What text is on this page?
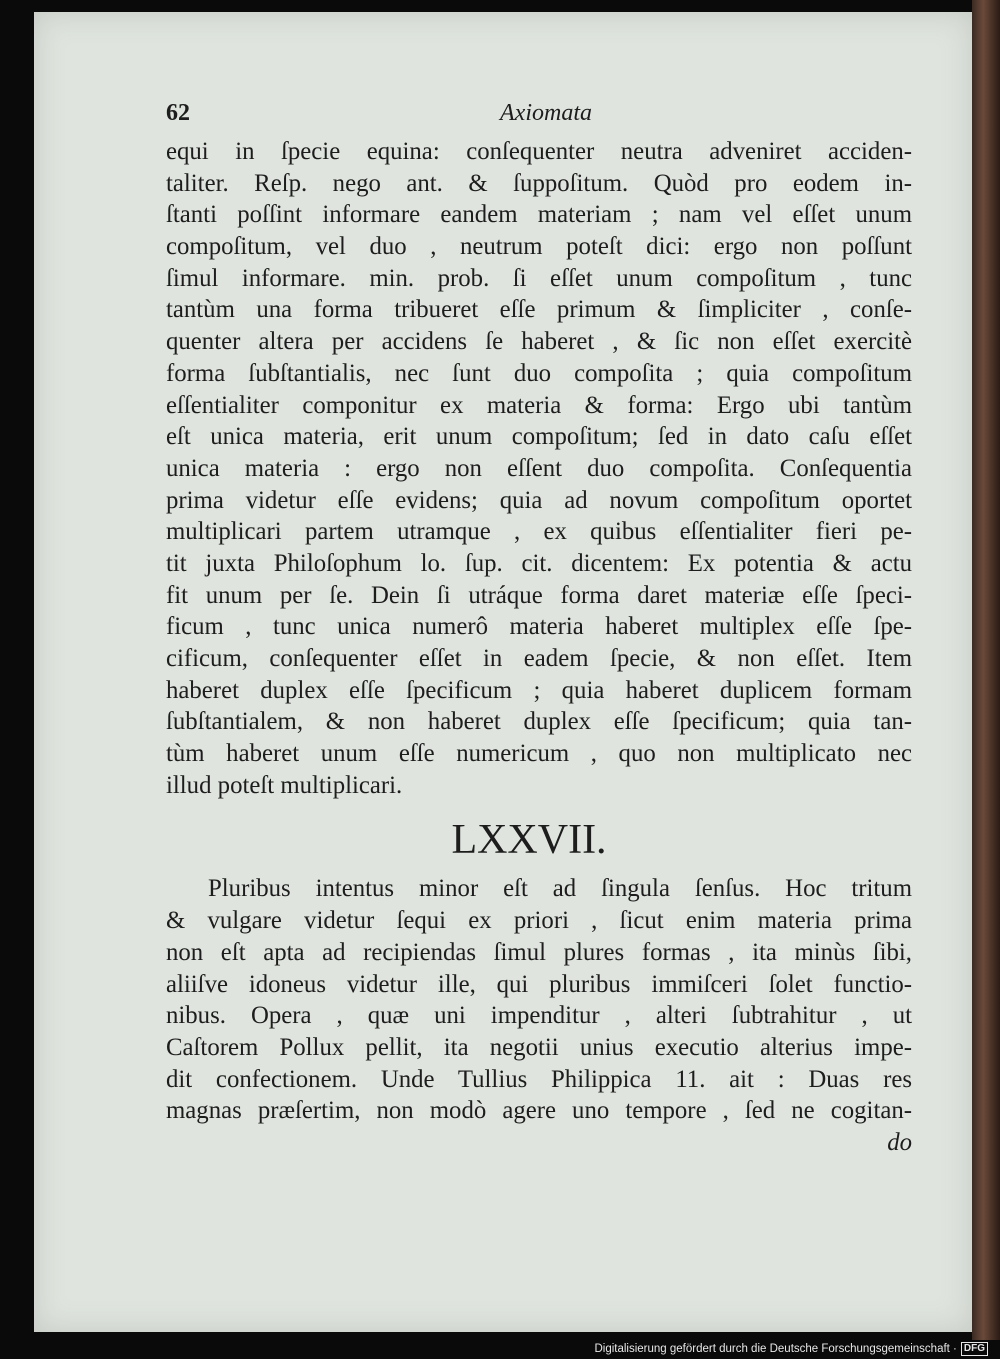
62	Axiomata
equi in ſpecie equina: conſequenter neutra adveniret acciden-
taliter. Reſp. nego ant. & ſuppoſitum. Quòd pro eodem in-
ſtanti poſſint informare eandem materiam ; nam vel eſſet unum
compoſitum, vel duo , neutrum poteſt dici: ergo non poſſunt
ſimul informare. min. prob. ſi eſſet unum compoſitum , tunc
tantùm una forma tribueret eſſe primum & ſimpliciter , conſe-
quenter altera per accidens ſe haberet , & ſic non eſſet exercitè
forma ſubſtantialis, nec ſunt duo compoſita ; quia compoſitum
eſſentialiter componitur ex materia & forma: Ergo ubi tantùm
eſt unica materia, erit unum compoſitum; ſed in dato caſu eſſet
unica materia : ergo non eſſent duo compoſita. Conſequentia
prima videtur eſſe evidens; quia ad novum compoſitum oportet
multiplicari partem utramque , ex quibus eſſentialiter fieri pe-
tit juxta Philoſophum lo. ſup. cit. dicentem: Ex potentia & actu
fit unum per ſe. Dein ſi utráque forma daret materiæ eſſe ſpeci-
ficum , tunc unica numerô materia haberet multiplex eſſe ſpe-
cificum, conſequenter eſſet in eadem ſpecie, & non eſſet. Item
haberet duplex eſſe ſpecificum ; quia haberet duplicem formam
ſubſtantialem, & non haberet duplex eſſe ſpecificum; quia tan-
tùm haberet unum eſſe numericum , quo non multiplicato nec
illud poteſt multiplicari.
LXXVII.
Pluribus intentus minor eſt ad ſingula ſenſus. Hoc tritum
& vulgare videtur ſequi ex priori , ſicut enim materia prima
non eſt apta ad recipiendas ſimul plures formas , ita minùs ſibi,
aliiſve idoneus videtur ille, qui pluribus immiſceri ſolet functio-
nibus. Opera , quæ uni impenditur , alteri ſubtrahitur , ut
Caſtorem Pollux pellit, ita negotii unius executio alterius impe-
dit confectionem. Unde Tullius Philippica 11. ait : Duas res
magnas præſertim, non modò agere uno tempore , ſed ne cogitan-
do
Digitalisierung gefördert durch die Deutsche Forschungsgemeinschaft · DFG
